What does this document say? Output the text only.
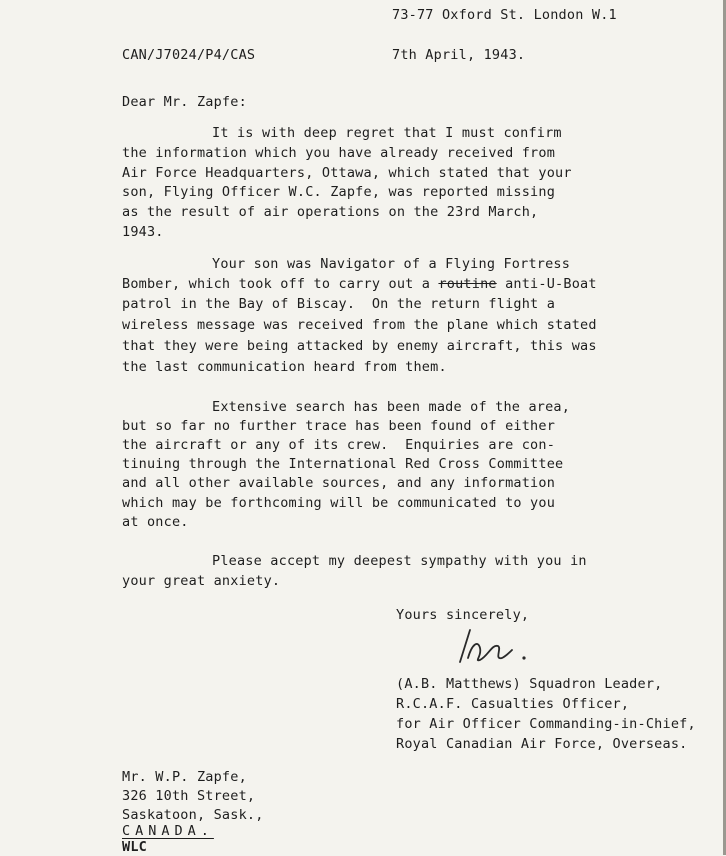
73-77 Oxford St. London W.1
CAN/J7024/P4/CAS	7th April, 1943.
Dear Mr. Zapfe:
It is with deep regret that I must confirm
the information which you have already received from
Air Force Headquarters, Ottawa, which stated that your
son, Flying Officer W.C. Zapfe, was reported missing
as the result of air operations on the 23rd March,
1943.
Your son was Navigator of a Flying Fortress
Bomber, which took off to carry out a routine anti-U-Boat
patrol in the Bay of Biscay.  On the return flight a
wireless message was received from the plane which stated
that they were being attacked by enemy aircraft, this was
the last communication heard from them.
Extensive search has been made of the area,
but so far no further trace has been found of either
the aircraft or any of its crew.  Enquiries are con-
tinuing through the International Red Cross Committee
and all other available sources, and any information
which may be forthcoming will be communicated to you
at once.
Please accept my deepest sympathy with you in
your great anxiety.
Yours sincerely,
(A.B. Matthews) Squadron Leader,
R.C.A.F. Casualties Officer,
for Air Officer Commanding-in-Chief,
Royal Canadian Air Force, Overseas.
Mr. W.P. Zapfe,
326 10th Street,
Saskatoon, Sask.,
CANADA.
WLC
